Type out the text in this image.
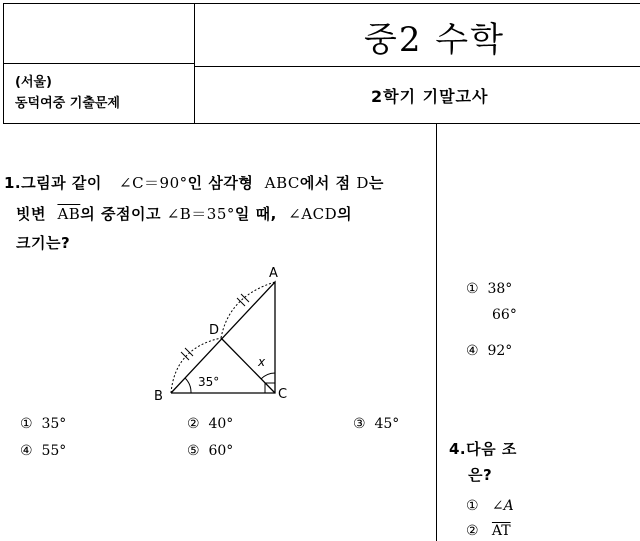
중2 수학
(서울)
동덕여중 기출문제	2학기 기말고사
1.그림과 같이 ∠C＝90°인 삼각형 ABC에서 점 D는
빗변 $\overline{AB}$의 중점이고 ∠B＝35°일 때, ∠ACD의
크기는?
A
B	C
D
35°
x
① 35°	② 40°	③ 45°
④ 55°	⑤ 60°
① 38°
66°
④ 92°
4.다음 조
은?
① ∠A
② $\overline{AT}$
